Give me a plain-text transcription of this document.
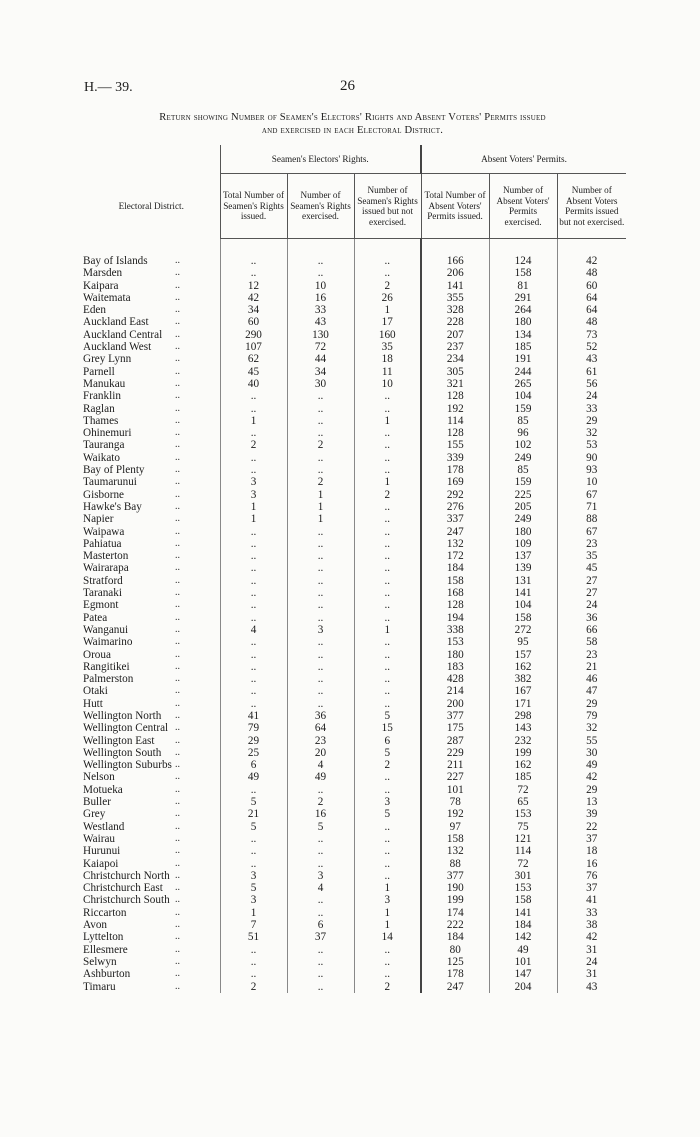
H.— 39.	26
Return showing Number of Seamen's Electors' Rights and Absent Voters' Permits issued
and exercised in each Electoral District.
	Seamen's Electors' Rights.			Absent Voters' Permits.		
Electoral District.	Total Number of Seamen's Rights issued.	Number of Seamen's Rights exercised.	Number of Seamen's Rights issued but not exercised.	Total Number of Absent Voters' Permits issued.	Number of Absent Voters' Permits exercised.	Number of Absent Voters Permits issued but not exercised.

..
Bay of Islands	..	..	..	166	124	42

..
Marsden	..	..	..	206	158	48

..
Kaipara	12	10	2	141	81	60

..
Waitemata	42	16	26	355	291	64

..
Eden	34	33	1	328	264	64

..
Auckland East	60	43	17	228	180	48

..
Auckland Central	290	130	160	207	134	73

..
Auckland West	107	72	35	237	185	52

..
Grey Lynn	62	44	18	234	191	43

..
Parnell	45	34	11	305	244	61

..
Manukau	40	30	10	321	265	56

..
Franklin	..	..	..	128	104	24

..
Raglan	..	..	..	192	159	33

..
Thames	1	..	1	114	85	29

..
Ohinemuri	..	..	..	128	96	32

..
Tauranga	2	2	..	155	102	53

..
Waikato	..	..	..	339	249	90

..
Bay of Plenty	..	..	..	178	85	93

..
Taumarunui	3	2	1	169	159	10

..
Gisborne	3	1	2	292	225	67

..
Hawke's Bay	1	1	..	276	205	71

..
Napier	1	1	..	337	249	88

..
Waipawa	..	..	..	247	180	67

..
Pahiatua	..	..	..	132	109	23

..
Masterton	..	..	..	172	137	35

..
Wairarapa	..	..	..	184	139	45

..
Stratford	..	..	..	158	131	27

..
Taranaki	..	..	..	168	141	27

..
Egmont	..	..	..	128	104	24

..
Patea	..	..	..	194	158	36

..
Wanganui	4	3	1	338	272	66

..
Waimarino	..	..	..	153	95	58

..
Oroua	..	..	..	180	157	23

..
Rangitikei	..	..	..	183	162	21

..
Palmerston	..	..	..	428	382	46

..
Otaki	..	..	..	214	167	47

..
Hutt	..	..	..	200	171	29

..
Wellington North	41	36	5	377	298	79

..
Wellington Central	79	64	15	175	143	32

..
Wellington East	29	23	6	287	232	55

..
Wellington South	25	20	5	229	199	30

..
Wellington Suburbs	6	4	2	211	162	49

..
Nelson	49	49	..	227	185	42

..
Motueka	..	..	..	101	72	29

..
Buller	5	2	3	78	65	13

..
Grey	21	16	5	192	153	39

..
Westland	5	5	..	97	75	22

..
Wairau	..	..	..	158	121	37

..
Hurunui	..	..	..	132	114	18

..
Kaiapoi	..	..	..	88	72	16

..
Christchurch North	3	3	..	377	301	76

..
Christchurch East	5	4	1	190	153	37

..
Christchurch South	3	..	3	199	158	41

..
Riccarton	1	..	1	174	141	33

..
Avon	7	6	1	222	184	38

..
Lyttelton	51	37	14	184	142	42

..
Ellesmere	..	..	..	80	49	31

..
Selwyn	..	..	..	125	101	24

..
Ashburton	..	..	..	178	147	31

..
Timaru	2	..	2	247	204	43
